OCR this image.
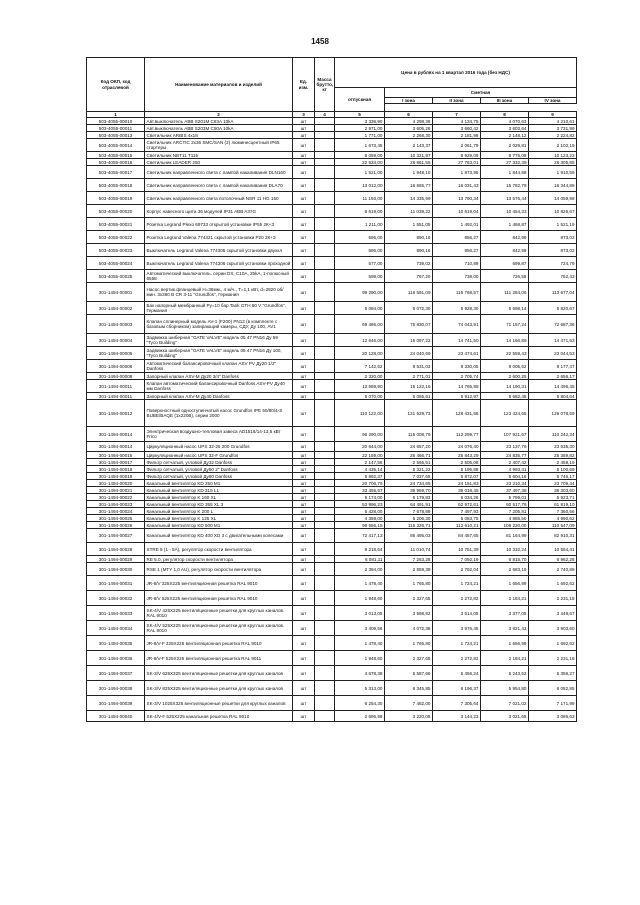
1458
Код ОКП, код отраслевой	Наименование материалов и изделий	Ед. изм.	Масса брутто, кг	Цена в рублях на 1 квартал 2016 года (без НДС)				
				отпускная	Сметная			
					I зона	II зона	III зона	IV зона

1	2	3	4	5	6	7	8	9
503-4055-00010	Авт.выключатель ABB S201M C63A 10kA	шт		3 336,90	4 298,36	4 134,75	4 070,63	4 210,61
503-4055-00011	Авт.выключатель ABB S203M C50A 10kA	шт		2 971,00	3 605,26	3 660,42	3 603,64	3 731,99
503-4055-00013	Светильник ARBIS 4x18	шт		1 771,00	2 268,30	2 181,98	2 148,12	2 224,82
503-4055-00014	Светильник ARCTIC 2x36 SMC/SAN (2) люминесцентный IP65 стартеры	шт		1 673,45	2 143,37	2 061,79	2 029,81	2 102,19
503-4055-00015	Светильник NBT11 T115	шт		8 059,00	10 321,97	9 929,09	9 775,08	10 123,23
503-4055-00016	Светильник LEADER 250	шт		22 534,00	28 861,55	27 763,01	27 332,39	28 305,85
503-4055-00017	Светильник направленного света с лампой накаливания DLN160	шт		1 521,00	1 948,10	1 873,95	1 844,88	1 910,59
503-4055-00018	Светильник направленного света с лампой накаливания DLA70	шт		13 012,00	16 665,77	16 031,43	15 782,78	16 344,89
503-4055-00019	Светильник направленного света потолочный NSR 11 HG 150	шт		11 193,00	14 335,99	13 790,34	13 576,44	14 059,98
503-4055-00020	Корпус навесного щита 36 модулей IP31 ABB A37G	шт		8 619,00	11 039,22	10 619,04	10 454,33	10 826,67
503-4055-00021	Розетка Legrand Plexo 69733 открытой установки IP55 2К+З	шт		1 211,00	1 551,05	1 492,01	1 468,87	1 521,19
503-4055-00022	Розетка Legrand Valena 774321 скрытой установки Р20 2К+З	шт		695,00	890,16	856,27	842,99	873,02
503-4055-00023	Выключатель Legrand Valena 774305 скрытой установки двухкл	шт		695,00	890,16	856,27	842,99	873,02
503-4055-00024	Выключатель Legrand Valena 774306 скрытой установки проходной	шт		577,00	739,02	710,89	699,87	724,79
503-4055-00025	Автоматический выключатель. серии DX, C10A, 25kA, 1-полюсный 6558	шт		599,00	767,20	738,00	726,55	752,43
301-1494-00001	Насос вертик.фланцевый H=36мм., 4 м/ч., T=1,1 кВт, d=2820 об/мин. 3х380 В CR 3-11 "Grundfos", Германия	шт		99 290,00	118 591,09	115 768,57	111 284,06	113 677,04
301-1494-00002	Бак напорный мембранный Pу=10 бар Tank GTH 60 V "Grundfos", Германия	шт		5 084,00	6 072,30	5 928,30	5 698,14	5 820,67
301-1494-00003	Клапан сплинерный модель AV-1 (F200) PN12 (в комплекте с базовым сборником) запирающий камеры, СДУ, Ду 100, AV1	шт		69 486,00	75 830,07	74 043,91	71 157,24	72 687,36
301-1494-00004	Задвижка шиберная "GATE VALVE" модель 05 47 PN16 Ду 59 "Tyco Building"	шт		12 646,00	15 097,22	14 741,50	14 166,89	14 471,53
301-1494-00005	Задвижка шиберная "GATE VALVE" модель 05 47 PN16 Ду 100, "Tyco Building"	шт		20 128,00	24 040,69	23 474,61	22 559,43	23 044,53
301-1494-00006	Автоматический балансировочный клапан ASV PV Ду20 1/2" Danfoss	шт		7 142,52	8 531,03	8 330,05	8 005,52	8 177,47
301-1494-00008	Запорный клапан ASV-M Ду20 3/4" Danfoss	шт		2 320,00	2 771,01	2 705,74	2 600,25	2 656,17
301-1494-00011	Клапан автоматический балансировочный Danfoss ASV-PV Ду40 мм Danfoss	шт		12 669,90	15 122,16	14 765,98	14 190,31	14 495,45
301-1494-00011	Запорный клапан ASV-M Ду40 Danfoss	шт		5 070,00	6 055,61	5 912,97	5 682,45	5 804,64
301-1494-00012	Поверхностный одноступенчатый насос Grundfos IPE 50/80/4-S BUBE/BAQE (1x220B), серии 2000	шт		110 122,00	131 529,73	128 431,56	123 424,65	126 078,59
301-1494-00014	Электрическая воздушно-тепловая завеса AD1516/14-13,5 кВт Frico	шт		96 290,00	115 008,79	112 299,77	107 921,67	110 242,34
301-1494-00014	Циркуляционный насос UPS 32-25 200 Grundfos	шт		20 644,00	24 657,20	24 076,40	23 137,76	23 635,30
301-1494-00015	Циркуляционный насос UPS 32-F Grundfos	шт		22 159,00	26 466,71	25 843,29	24 835,77	25 369,82
301-1494-00017	Фильтр сетчатый, угловой Ду32 Danfoss	шт		2 147,56	2 565,51	2 505,08	2 407,42	2 459,19
301-1494-00018	Фильтр сетчатый, угловой Ду50 2" Danfoss	шт		4 435,14	5 321,22	5 195,88	4 993,31	5 100,69
301-1494-00019	Фильтр сетчатый, угловой Ду80 Danfoss	шт		5 892,37	7 037,65	6 872,07	6 604,16	6 746,17
301-1494-00020	Канальный вентилятор KD 250 M1	шт		20 706,76	24 734,65	24 151,83	23 210,34	23 709,44
301-1494-00021	Канальный вентилятор KD 315 L1	шт		33 455,67	39 959,70	39 018,45	37 497,38	38 303,60
301-1494-00022	Канальный вентилятор K 160 XL	шт		5 174,00	6 179,83	6 034,26	5 799,01	5 923,71
301-1494-00023	Канальный вентилятор KD 355 XL 3	шт		53 996,23	64 491,91	62 972,61	60 517,76	61 819,10
301-1494-00024	Канальный вентилятор K 200 L	шт		6 428,00	7 678,89	7 497,93	7 205,81	7 360,56
301-1494-00025	Канальный вентилятор K 125 XL	шт		4 359,00	5 206,30	5 083,75	4 885,50	4 990,62
301-1494-00026	Канальный вентилятор KD 500 M1	шт		96 556,15	115 326,71	112 610,21	108 220,00	110 547,09
301-1494-00027	Канальный вентилятор KD 400 XD 3 с двигательными колесами	шт		72 417,13	86 495,03	84 457,65	81 164,99	82 910,31
301-1494-00028	STRE 5 (1 - 5A), регулятор скорости вентилятора	шт		9 218,64	11 010,74	10 751,39	10 332,24	10 554,41
301-1494-00029	RE 5.0, регулятор скорости вентилятора	шт		6 081,11	7 263,28	7 092,19	6 815,70	6 962,26
301-1494-00030	RSE 1 (MTY 1,0 AU), регулятор скорости вентилятора	шт		2 394,00	2 859,39	2 792,04	2 683,19	2 740,89
301-1494-00031	JR-8/V 325X225 вентиляционная решетка RAL 9010	шт		1 478,40	1 765,80	1 724,21	1 656,99	1 692,62
301-1494-00032	JR-8/V 525X225 вентиляционная решетка RAL 9010	шт		1 948,60	2 327,65	2 272,82	2 184,21	2 231,18
301-1494-00033	SK-4/V 425X225 вентиляционные решетки для круглых каналов. RAL 9010	шт		3 013,05	3 598,82	3 514,05	3 377,05	3 449,67
301-1494-00034	SK-4/V 525X225 вентиляционные решетки для круглых каналов. RAL 9010	шт		3 409,56	4 072,38	3 976,45	3 821,43	3 903,60
301-1494-00035	JR-8/V-F 325X225 вентиляционная решетка RAL 9010	шт		1 478,40	1 765,80	1 724,21	1 656,99	1 692,62
301-1494-00036	JR-8/V-F 525X225 вентиляционная решетка RAL 9011	шт		1 948,60	2 327,65	2 272,82	2 184,21	2 231,18
301-1494-00037	SK-3/V 625X325 вентиляционные решетки для круглых каналов	шт		4 678,38	5 587,66	5 456,24	5 243,52	5 356,27
301-1494-00038	SK-3/V 825X325 вентиляционные решетки для круглых каналов	шт		5 313,00	6 345,85	6 196,37	5 954,80	6 082,85
301-1494-00039	SK-3/V 1025X325 вентиляционные решетки для круглых каналов	шт		6 254,30	7 482,00	7 305,64	7 021,02	7 171,99
301-1494-00040	SK-4/V-F 525X225 канальная решетка RAL 9010	шт		2 695,98	3 220,08	3 144,23	3 021,65	3 086,63
